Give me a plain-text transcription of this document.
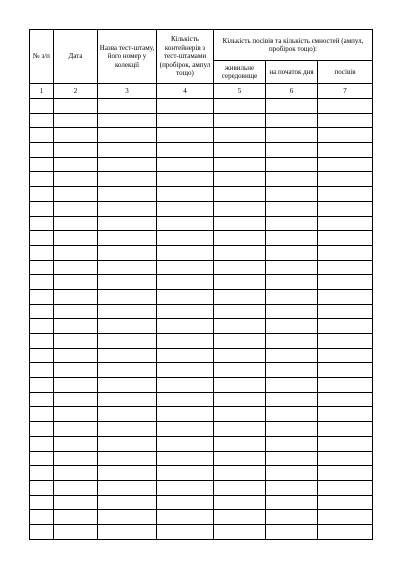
№ з/п	Дата	Назва тест-штаму, його номер у колекції	Кількість контейнерів з тест-штамами (пробірок, ампул тощо)	Кількість посівів та кількість ємностей (ампул, пробірок тощо):		
				живильне середовище	на початок дня	посівів
1	2	3	4	5	6	7
